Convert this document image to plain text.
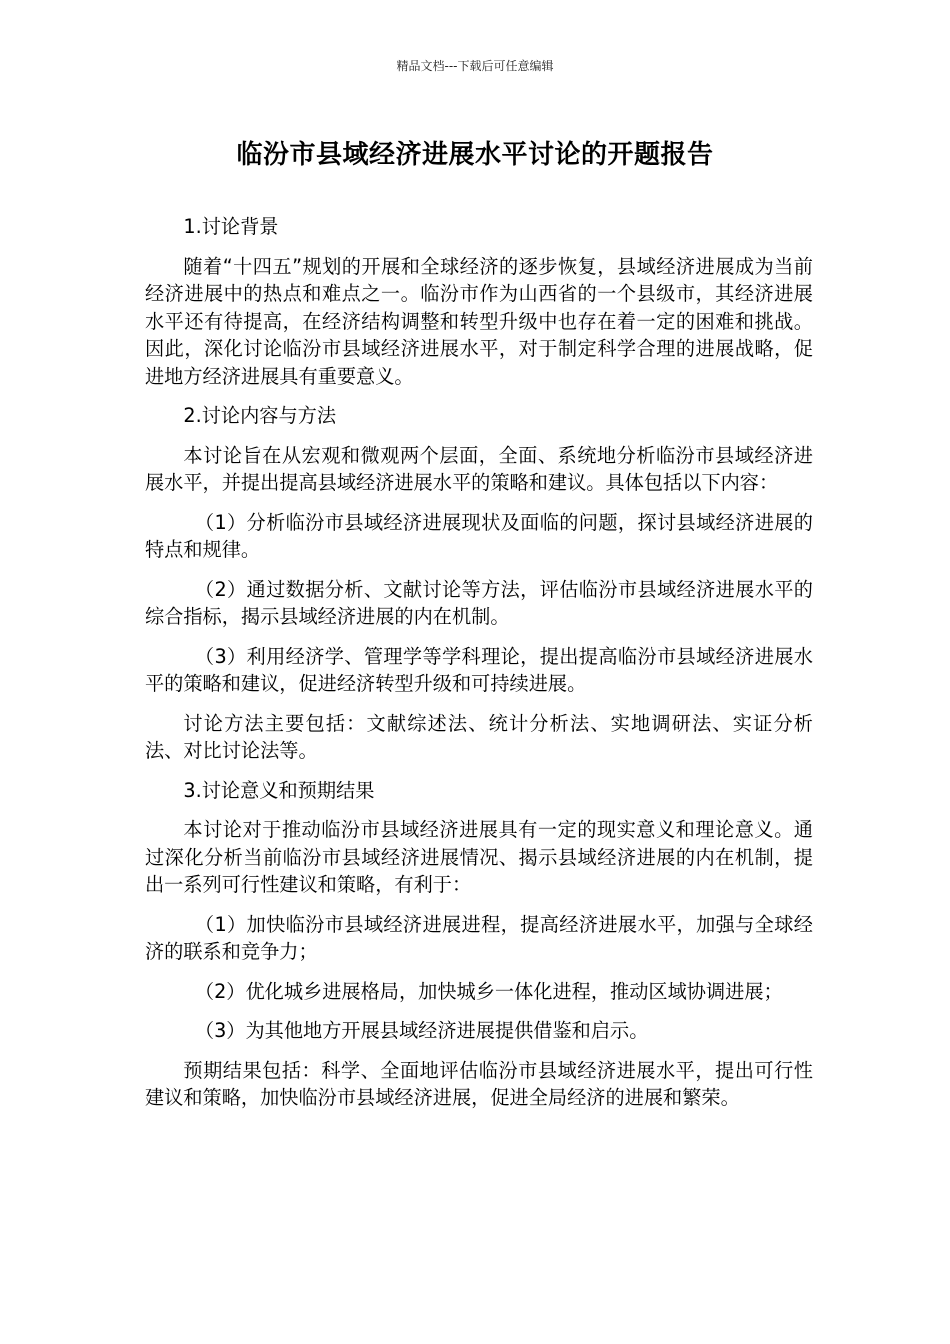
精品文档---下载后可任意编辑
临汾市县域经济进展水平讨论的开题报告

1.讨论背景

随着“十四五”规划的开展和全球经济的逐步恢复，县域经济进展成为当前经济进展中的热点和难点之一。临汾市作为山西省的一个县级市，其经济进展水平还有待提高，在经济结构调整和转型升级中也存在着一定的困难和挑战。因此，深化讨论临汾市县域经济进展水平，对于制定科学合理的进展战略，促进地方经济进展具有重要意义。

2.讨论内容与方法

本讨论旨在从宏观和微观两个层面，全面、系统地分析临汾市县域经济进展水平，并提出提高县域经济进展水平的策略和建议。具体包括以下内容：

（1）分析临汾市县域经济进展现状及面临的问题，探讨县域经济进展的特点和规律。

（2）通过数据分析、文献讨论等方法，评估临汾市县域经济进展水平的综合指标，揭示县域经济进展的内在机制。

（3）利用经济学、管理学等学科理论，提出提高临汾市县域经济进展水平的策略和建议，促进经济转型升级和可持续进展。

讨论方法主要包括：文献综述法、统计分析法、实地调研法、实证分析法、对比讨论法等。

3.讨论意义和预期结果

本讨论对于推动临汾市县域经济进展具有一定的现实意义和理论意义。通过深化分析当前临汾市县域经济进展情况、揭示县域经济进展的内在机制，提出一系列可行性建议和策略，有利于：

（1）加快临汾市县域经济进展进程，提高经济进展水平，加强与全球经济的联系和竞争力；

（2）优化城乡进展格局，加快城乡一体化进程，推动区域协调进展；

（3）为其他地方开展县域经济进展提供借鉴和启示。

预期结果包括：科学、全面地评估临汾市县域经济进展水平，提出可行性建议和策略，加快临汾市县域经济进展，促进全局经济的进展和繁荣。
